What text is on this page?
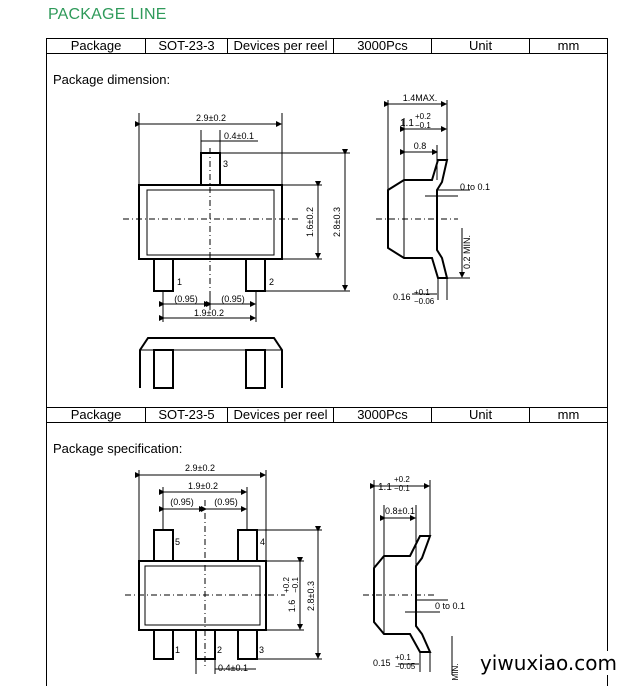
PACKAGE LINE
Package	SOT-23-3	Devices per reel	3000Pcs	Unit	mm
Package dimension:
Package	SOT-23-5	Devices per reel	3000Pcs	Unit	mm
Package specification:
2.9±0.2
0.4±0.1
3
1	2
(0.95)	(0.95)
1.9±0.2
1.6±0.2 2.8±0.3
1.4MAX.
1.1
+0.2
−0.1
0.8
0 to 0.1
0.2 MIN.
0.16 +0.1
−0.06
2.9±0.2
1.9±0.2
(0.95) (0.95)
5	4
1	2	3
0.4±0.1
1.6
+0.2 −0.1 2.8±0.3
1.1
+0.2
−0.1
0.8±0.1
0 to 0.1
0.15
+0.1
−0.05	MIN. yiwuxiao.com
